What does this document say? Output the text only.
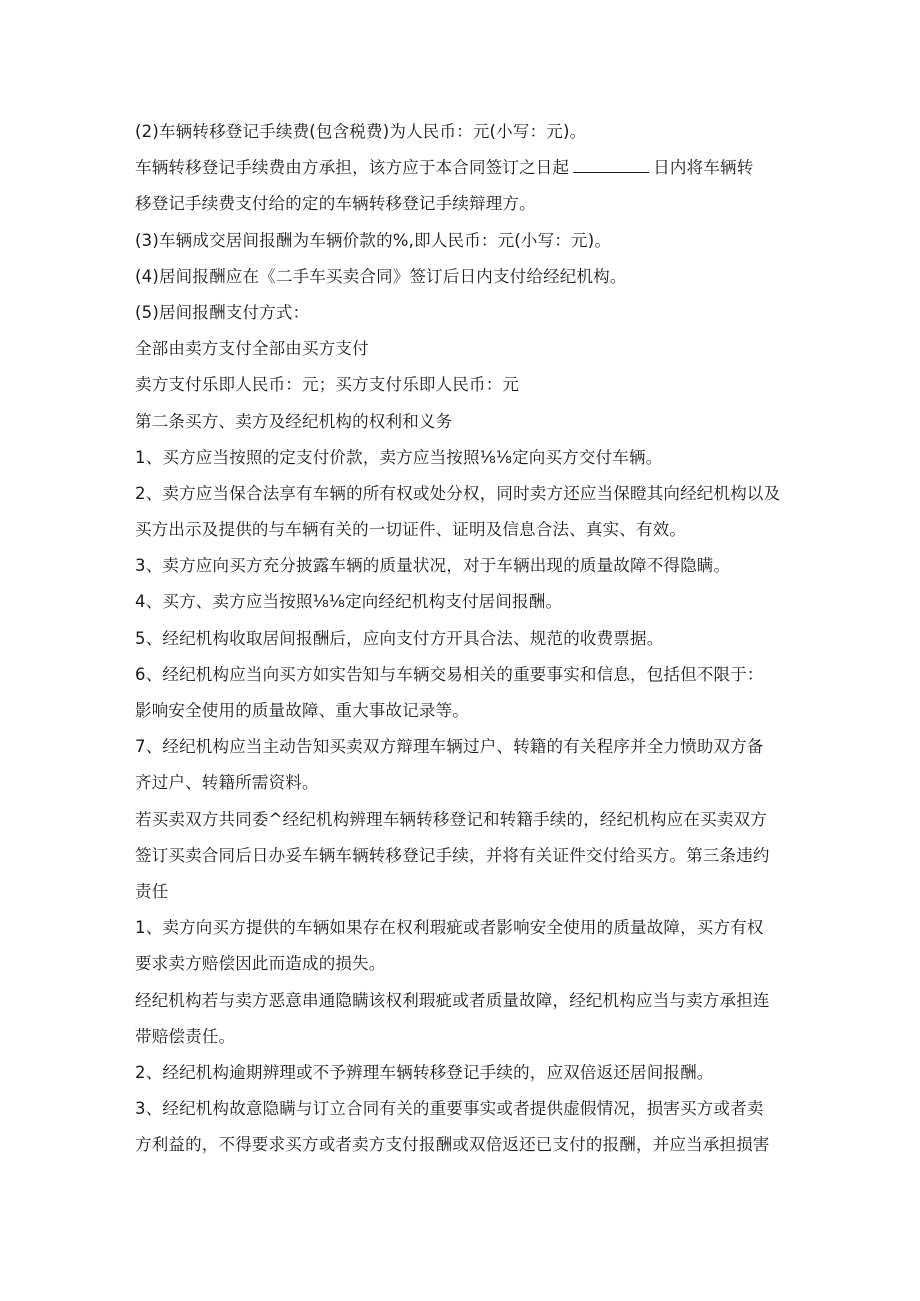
(2)车辆转移登记手续费(包含税费)为人民币：元(小写：元)。
车辆转移登记手续费由方承担，该方应于本合同签订之日起	日内将车辆转
移登记手续费支付给的定的车辆转移登记手续辩理方。
(3)车辆成交居间报酬为车辆价款的%,即人民币：元(小写：元)。
(4)居间报酬应在《二手车买卖合同》签订后日内支付给经纪机构。
(5)居间报酬支付方式：
全部由卖方支付全部由买方支付
卖方支付乐即人民币：元；买方支付乐即人民币：元
第二条买方、卖方及经纪机构的权利和义务
1、买方应当按照的定支付价款，卖方应当按照⅛⅛定向买方交付车辆。
2、卖方应当保合法享有车辆的所有权或处分权，同时卖方还应当保瞪其向经纪机构以及
买方出示及提供的与车辆有关的一切证件、证明及信息合法、真实、有效。
3、卖方应向买方充分披露车辆的质量状况，对于车辆出现的质量故障不得隐瞒。
4、买方、卖方应当按照⅛⅛定向经纪机构支付居间报酬。
5、经纪机构收取居间报酬后，应向支付方开具合法、规范的收费票据。
6、经纪机构应当向买方如实告知与车辆交易相关的重要事实和信息，包括但不限于：
影响安全使用的质量故障、重大事故记录等。
7、经纪机构应当主动告知买卖双方辩理车辆过户、转籍的有关程序并全力愤助双方备
齐过户、转籍所需资料。
若买卖双方共同委^经纪机构辨理车辆转移登记和转籍手续的，经纪机构应在买卖双方
签订买卖合同后日办妥车辆车辆转移登记手续，并将有关证件交付给买方。第三条违约
责任
1、卖方向买方提供的车辆如果存在权利瑕疵或者影响安全使用的质量故障，买方有权
要求卖方赔偿因此而造成的损失。
经纪机构若与卖方恶意串通隐瞒该权利瑕疵或者质量故障，经纪机构应当与卖方承担连
带赔偿责任。
2、经纪机构逾期辨理或不予辨理车辆转移登记手续的，应双倍返还居间报酬。
3、经纪机构故意隐瞒与订立合同有关的重要事实或者提供虚假情况，损害买方或者卖
方利益的，不得要求买方或者卖方支付报酬或双倍返还已支付的报酬，并应当承担损害
